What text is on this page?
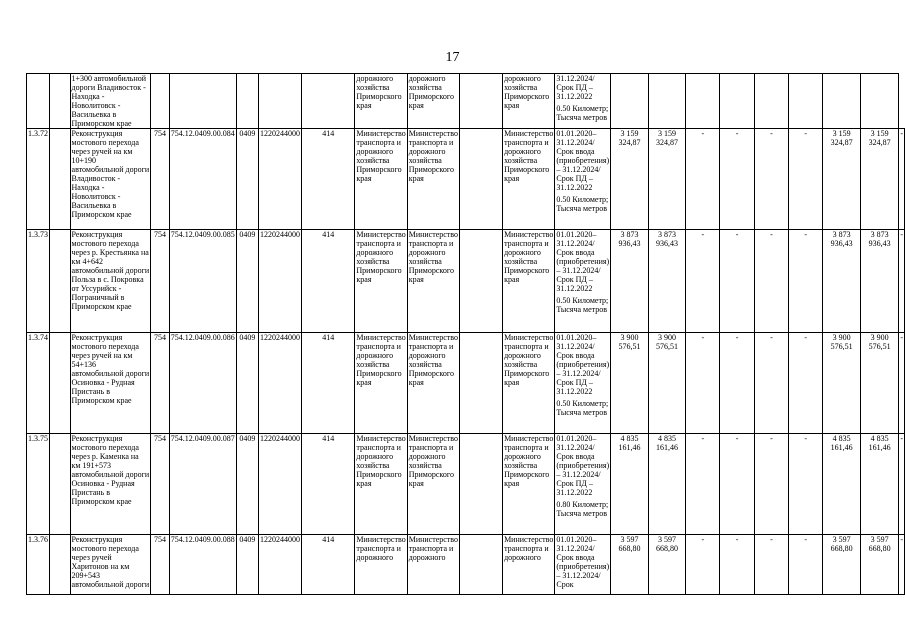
17
		1+300 автомобильной дороги Владивосток - Находка - Новолитовск - Васильевка в Приморском крае						дорожного хозяйства Приморского края	дорожного хозяйства Приморского края		дорожного хозяйства Приморского края	31.12.2024/ Срок ПД – 31.12.2022
0.50 Километр; Тысяча метров									

1.3.72		Реконструкция мостового перехода через ручей на км 10+190 автомобильной дороги Владивосток - Находка - Новолитовск - Васильевка в Приморском крае	754	754.12.0409.00.084	0409	1220244000	414	Министерство транспорта и дорожного хозяйства Приморского края	Министерство транспорта и дорожного хозяйства Приморского края		Министерство транспорта и дорожного хозяйства Приморского края	01.01.2020–31.12.2024/ Срок ввода (приобретения) – 31.12.2024/ Срок ПД – 31.12.2022
0.50 Километр; Тысяча метров	3 159 324,87	3 159 324,87	-	-	-	-	3 159 324,87	3 159 324,87	-
1.3.73		Реконструкция мостового перехода через р. Крестьянка на км 4+642 автомобильной дороги Польза в с. Покровка от Уссурийск - Пограничный в Приморском крае	754	754.12.0409.00.085	0409	1220244000	414	Министерство транспорта и дорожного хозяйства Приморского края	Министерство транспорта и дорожного хозяйства Приморского края		Министерство транспорта и дорожного хозяйства Приморского края	01.01.2020–31.12.2024/ Срок ввода (приобретения) – 31.12.2024/ Срок ПД – 31.12.2022
0.50 Километр; Тысяча метров	3 873 936,43	3 873 936,43	-	-	-	-	3 873 936,43	3 873 936,43	-
1.3.74		Реконструкция мостового перехода через ручей на км 54+136 автомобильной дороги Осиновка - Рудная Пристань в Приморском крае	754	754.12.0409.00.086	0409	1220244000	414	Министерство транспорта и дорожного хозяйства Приморского края	Министерство транспорта и дорожного хозяйства Приморского края		Министерство транспорта и дорожного хозяйства Приморского края	01.01.2020–31.12.2024/ Срок ввода (приобретения) – 31.12.2024/ Срок ПД – 31.12.2022
0.50 Километр; Тысяча метров	3 900 576,51	3 900 576,51	-	-	-	-	3 900 576,51	3 900 576,51	-
1.3.75		Реконструкция мостового перехода через р. Каменка на км 191+573 автомобильной дороги Осиновка - Рудная Пристань в Приморском крае	754	754.12.0409.00.087	0409	1220244000	414	Министерство транспорта и дорожного хозяйства Приморского края	Министерство транспорта и дорожного хозяйства Приморского края		Министерство транспорта и дорожного хозяйства Приморского края	01.01.2020–31.12.2024/ Срок ввода (приобретения) – 31.12.2024/ Срок ПД – 31.12.2022
0.80 Километр; Тысяча метров	4 835 161,46	4 835 161,46	-	-	-	-	4 835 161,46	4 835 161,46	-
1.3.76		Реконструкция мостового перехода через ручей Харитонов на км 209+543 автомобильной дороги	754	754.12.0409.00.088	0409	1220244000	414	Министерство транспорта и дорожного	Министерство транспорта и дорожного		Министерство транспорта и дорожного	01.01.2020–31.12.2024/ Срок ввода (приобретения) – 31.12.2024/ Срок	3 597 668,80	3 597 668,80	-	-	-	-	3 597 668,80	3 597 668,80	-
